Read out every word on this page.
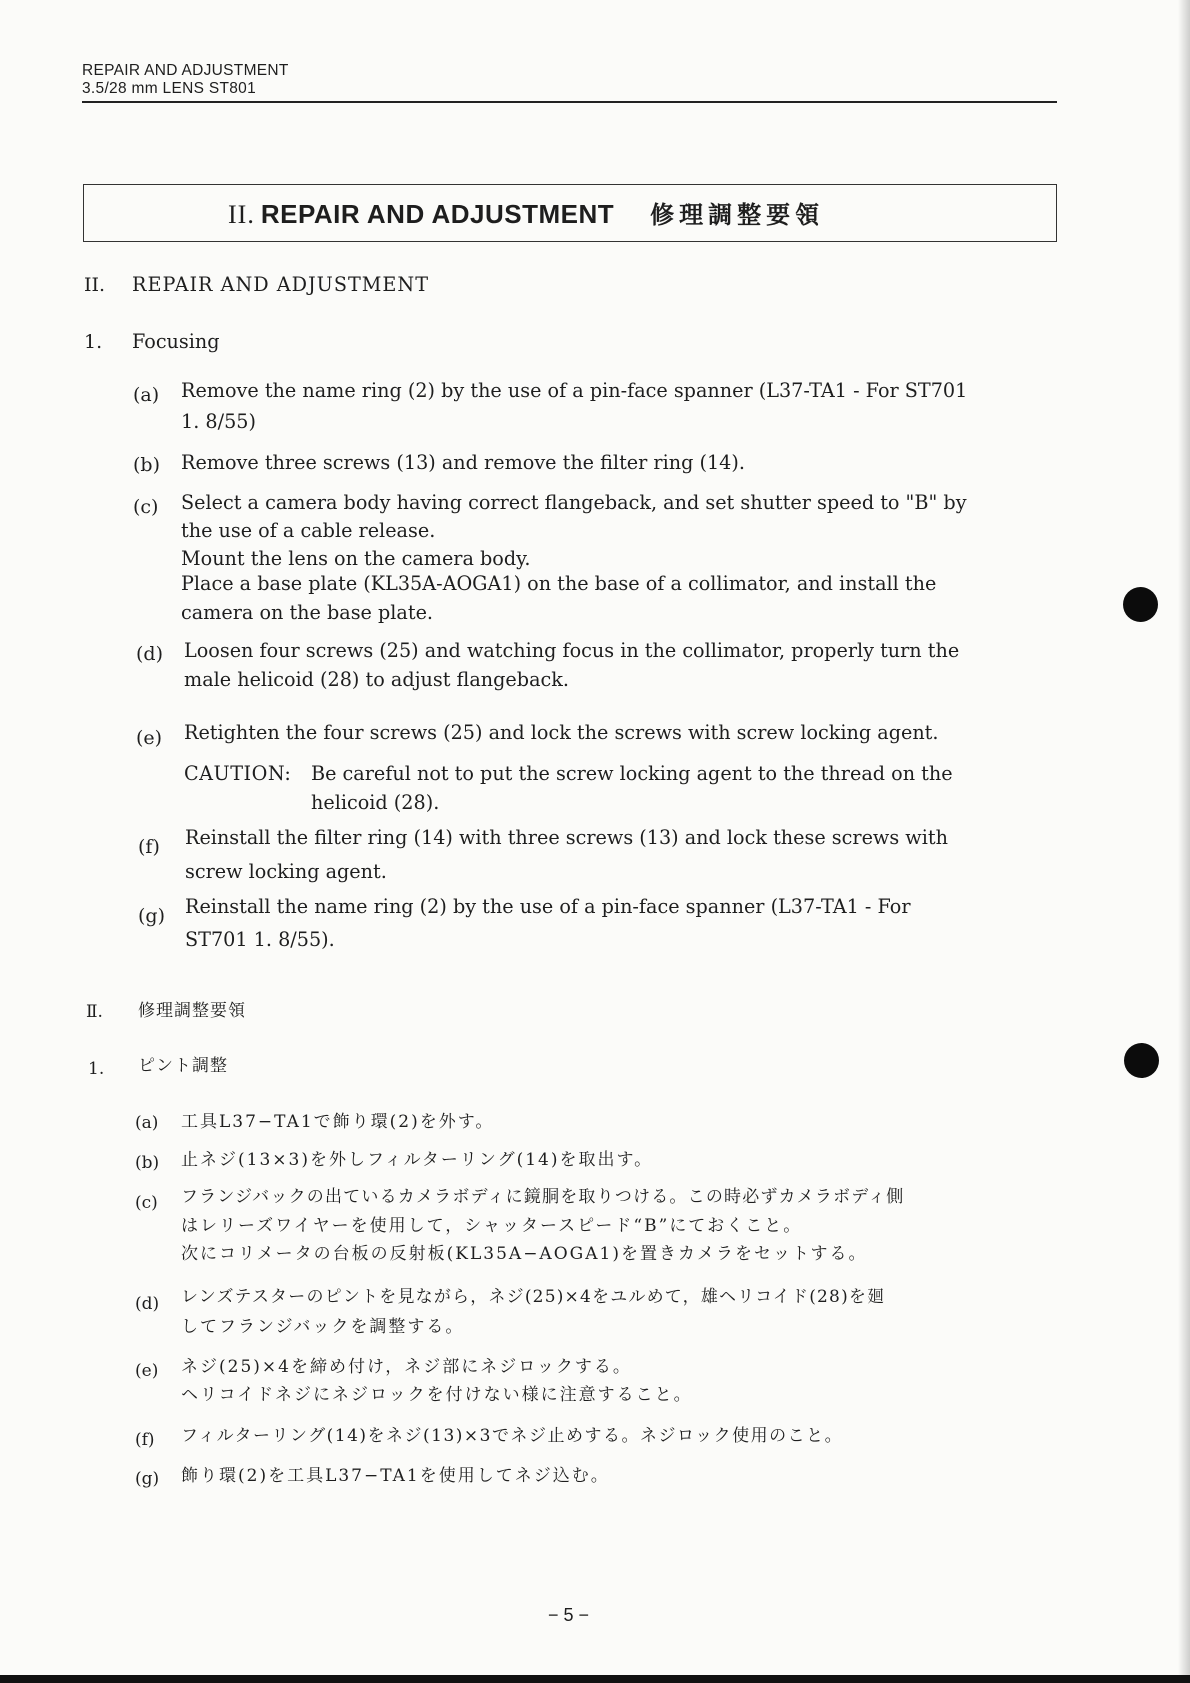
REPAIR AND ADJUSTMENT
3.5/28 mm LENS ST801
II. REPAIR AND ADJUSTMENT 修理調整要領
II. REPAIR AND ADJUSTMENT
1. Focusing
(a) Remove the name ring (2) by the use of a pin-face spanner (L37-TA1 - For ST701
1. 8/55)
(b) Remove three screws (13) and remove the filter ring (14).
(c) Select a camera body having correct flangeback, and set shutter speed to "B" by
the use of a cable release.
Mount the lens on the camera body.
Place a base plate (KL35A-AOGA1) on the base of a collimator, and install the
camera on the base plate.
(d) Loosen four screws (25) and watching focus in the collimator, properly turn the
male helicoid (28) to adjust flangeback.
(e) Retighten the four screws (25) and lock the screws with screw locking agent.
CAUTION: Be careful not to put the screw locking agent to the thread on the
helicoid (28).
(f) Reinstall the filter ring (14) with three screws (13) and lock these screws with
screw locking agent.
(g) Reinstall the name ring (2) by the use of a pin-face spanner (L37-TA1 - For
ST701 1. 8/55).
Ⅱ. 修理調整要領
1. ピント調整
(a) 工具L37−TA1で飾り環(2)を外す。
(b) 止ネジ(13×3)を外しフィルターリング(14)を取出す。
(c) フランジバックの出ているカメラボディに鏡胴を取りつける。この時必ずカメラボディ側
はレリーズワイヤーを使用して，シャッタースピード“B”にておくこと。
次にコリメータの台板の反射板(KL35A−AOGA1)を置きカメラをセットする。
(d) レンズテスターのピントを見ながら，ネジ(25)×4をユルめて，雄ヘリコイド(28)を廻
してフランジバックを調整する。
(e) ネジ(25)×4を締め付け，ネジ部にネジロックする。
ヘリコイドネジにネジロックを付けない様に注意すること。
(f) フィルターリング(14)をネジ(13)×3でネジ止めする。ネジロック使用のこと。
(g) 飾り環(2)を工具L37−TA1を使用してネジ込む。
− 5 −
